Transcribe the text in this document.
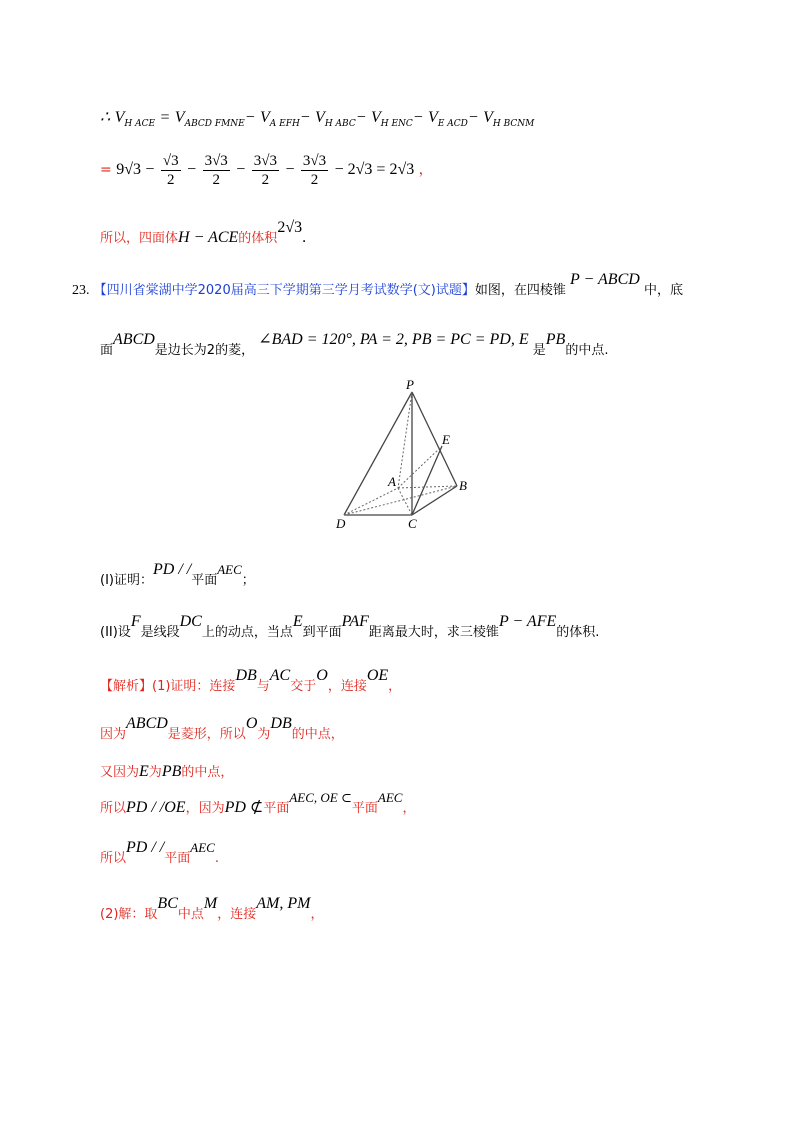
∴ $V_{H ACE} = V_{ABCD FMNE}- V_{A EFH}- V_{H ABC}- V_{H ENC}- V_{E ACD}- V_{H BCNM}$
= $9√3 - \frac{√3}{2} - \frac{3√3}{2} - \frac{3√3}{2} - \frac{3√3}{2} - 2√3 = 2√3$ ，
所以，四面体H − ACE的体积2√3.
23. 【四川省棠湖中学2020届高三下学期第三学月考试数学(文)试题】如图，在四棱锥 P − ABCD 中，底
面ABCD是边长为2的菱， ∠BAD = 120°, PA = 2, PB = PC = PD, E 是PB的中点.
P
E
A	B
C
D
(I)证明：PD / /平面AEC；
(II)设F是线段DC上的动点，当点E到平面PAF距离最大时，求三棱锥P − AFE的体积.
【解析】(1)证明：连接DB与AC交于O，连接OE，
因为ABCD是菱形，所以O为DB的中点，
又因为E为PB的中点，
所以PD / /OE，因为PD ⊄平面AEC, OE ⊂平面AEC，
所以PD / /平面AEC.
(2)解：取BC中点M，连接AM, PM，
